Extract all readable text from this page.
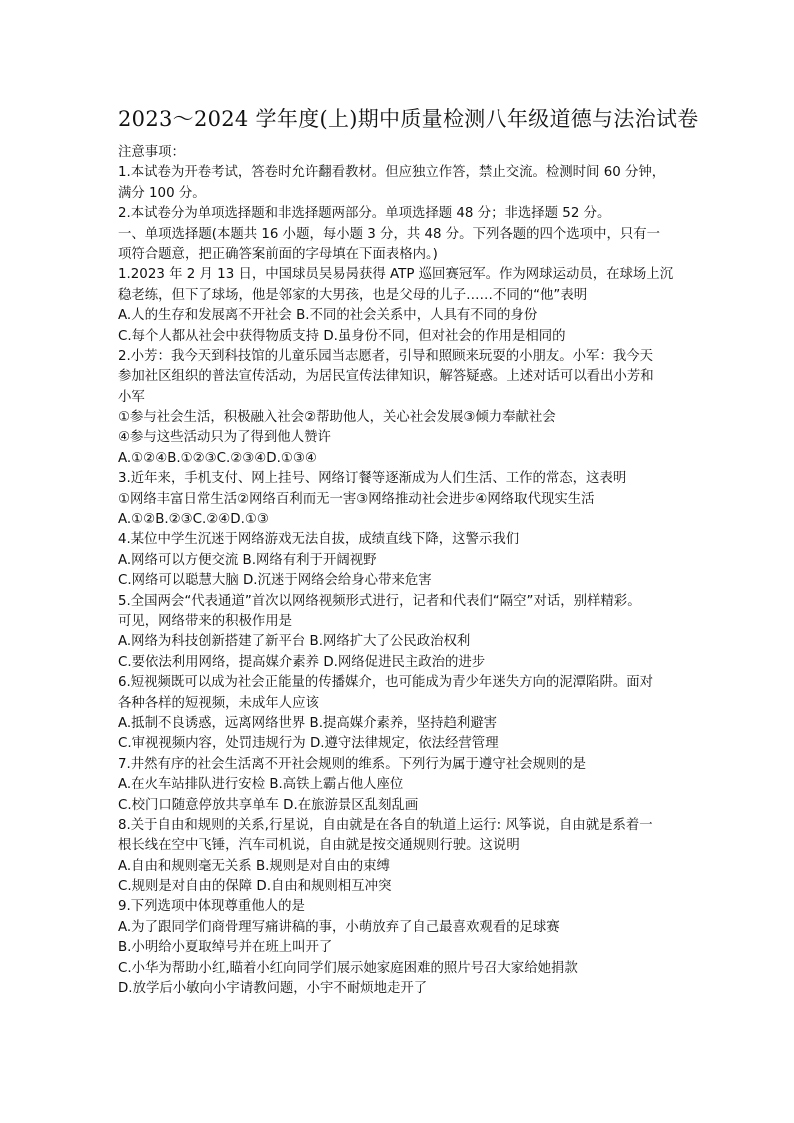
2023～2024 学年度(上)期中质量检测八年级道德与法治试卷
注意事项：
1.本试卷为开卷考试，答卷时允许翻看教材。但应独立作答，禁止交流。检测时间 60 分钟，
满分 100 分。
2.本试卷分为单项选择题和非选择题两部分。单项选择题 48 分；非选择题 52 分。
一、单项选择题(本题共 16 小题，每小题 3 分，共 48 分。下列各题的四个选项中，只有一
项符合题意，把正确答案前面的字母填在下面表格内。)
1.2023 年 2 月 13 日，中国球员吴易昺获得 ATP 巡回赛冠军。作为网球运动员，在球场上沉
稳老练，但下了球场，他是邻家的大男孩，也是父母的儿子……不同的“他”表明
A.人的生存和发展离不开社会 B.不同的社会关系中，人具有不同的身份
C.每个人都从社会中获得物质支持 D.虽身份不同，但对社会的作用是相同的
2.小芳：我今天到科技馆的儿童乐园当志愿者，引导和照顾来玩耍的小朋友。小军：我今天
参加社区组织的普法宣传活动，为居民宣传法律知识，解答疑惑。上述对话可以看出小芳和
小军
①参与社会生活，积极融入社会②帮助他人，关心社会发展③倾力奉献社会
④参与这些活动只为了得到他人赞许
A.①②④B.①②③C.②③④D.①③④
3.近年来，手机支付、网上挂号、网络订餐等逐渐成为人们生活、工作的常态，这表明
①网络丰富日常生活②网络百利而无一害③网络推动社会进步④网络取代现实生活
A.①②B.②③C.②④D.①③
4.某位中学生沉迷于网络游戏无法自拔，成绩直线下降，这警示我们
A.网络可以方便交流 B.网络有利于开阔视野
C.网络可以聪慧大脑 D.沉迷于网络会给身心带来危害
5.全国两会“代表通道”首次以网络视频形式进行，记者和代表们“隔空”对话，别样精彩。
可见，网络带来的积极作用是
A.网络为科技创新搭建了新平台 B.网络扩大了公民政治权利
C.要依法利用网络，提高媒介素养 D.网络促进民主政治的进步
6.短视频既可以成为社会正能量的传播媒介，也可能成为青少年迷失方向的泥潭陷阱。面对
各种各样的短视频，未成年人应该
A.抵制不良诱惑，远离网络世界 B.提高媒介素养，坚持趋利避害
C.审视视频内容，处罚违规行为 D.遵守法律规定，依法经营管理
7.井然有序的社会生活离不开社会规则的维系。下列行为属于遵守社会规则的是
A.在火车站排队进行安检 B.高铁上霸占他人座位
C.校门口随意停放共享单车 D.在旅游景区乱刻乱画
8.关于自由和规则的关系,行星说，自由就是在各自的轨道上运行: 风筝说，自由就是系着一
根长线在空中飞锤，汽车司机说，自由就是按交通规则行驶。这说明
A.自由和规则毫无关系 B.规则是对自由的束缚
C.规则是对自由的保障 D.自由和规则相互冲突
9.下列选项中体现尊重他人的是
A.为了跟同学们商骨理写痛讲稿的事，小萌放弃了自己最喜欢观看的足球赛
B.小明给小夏取绰号并在班上叫开了
C.小华为帮助小红,瞄着小红向同学们展示她家庭困难的照片号召大家给她捐款
D.放学后小敏向小宇请教问题，小宇不耐烦地走开了
